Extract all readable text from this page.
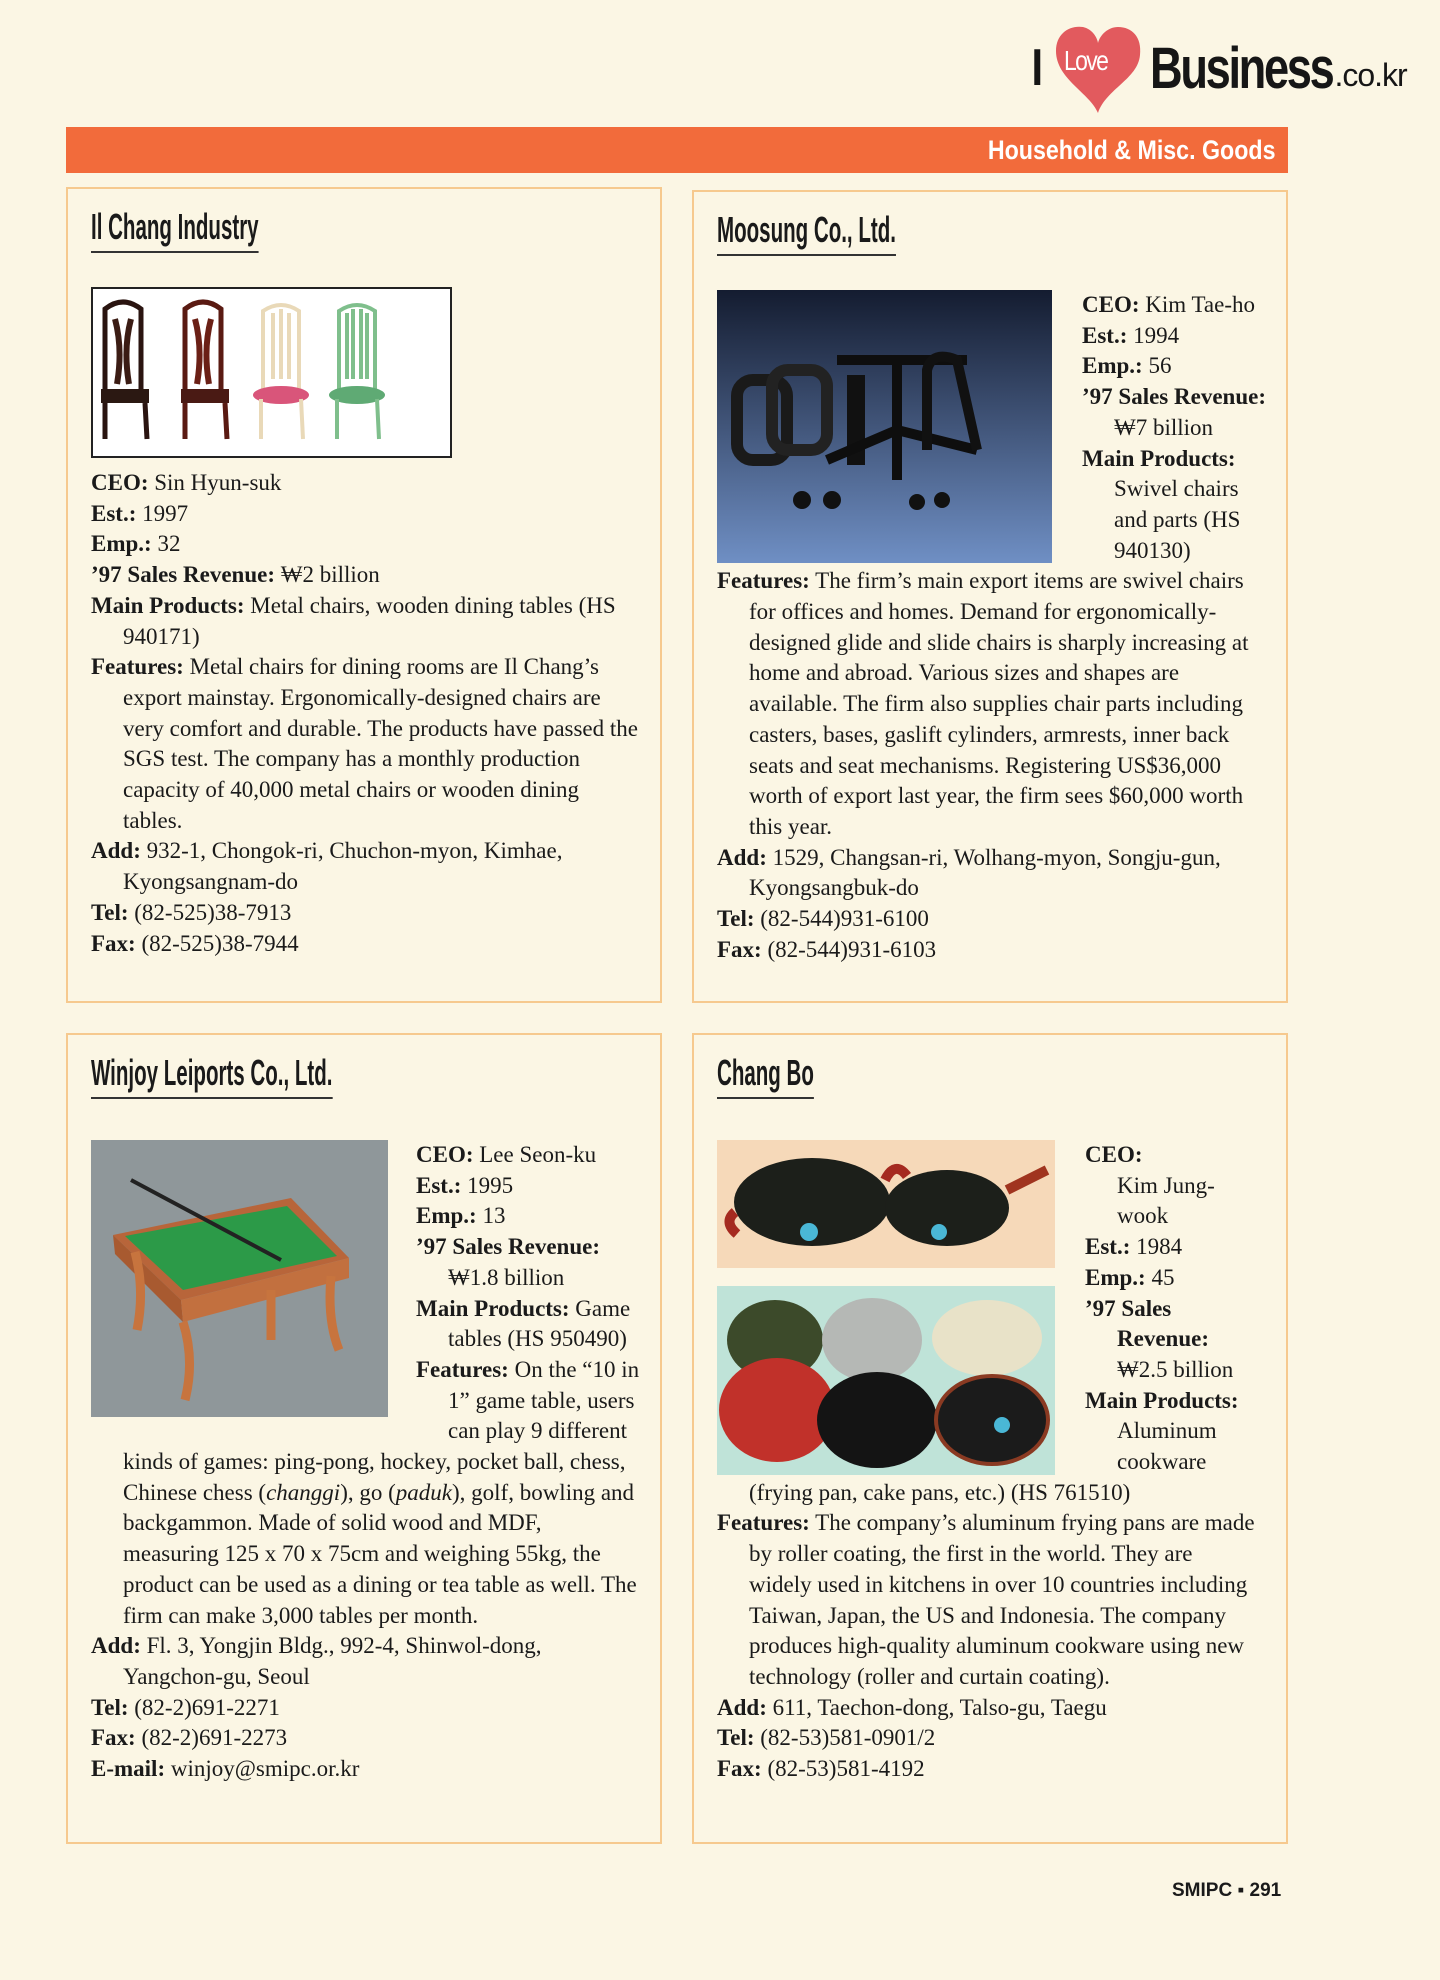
I Love Business .co.kr
Household & Misc. Goods
Il Chang Industry

CEO: Sin Hyun-suk

Est.: 1997

Emp.: 32

’97 Sales Revenue: ₩2 billion

Main Products: Metal chairs, wooden dining tables (HS 940171)

Features: Metal chairs for dining rooms are Il Chang’s export mainstay. Ergonomically-designed chairs are very comfort and durable. The products have passed the SGS test. The company has a monthly production capacity of 40,000 metal chairs or wooden dining tables.

Add: 932-1, Chongok-ri, Chuchon-myon, Kimhae, Kyongsangnam-do

Tel: (82-525)38-7913

Fax: (82-525)38-7944

Moosung Co., Ltd.

CEO: Kim Tae-ho

Est.: 1994

Emp.: 56

’97 Sales Revenue: ₩7 billion

Main Products: Swivel chairs and parts (HS 940130)

Features: The firm’s main export items are swivel chairs for offices and homes. Demand for ergonomically-designed glide and slide chairs is sharply increasing at home and abroad. Various sizes and shapes are available. The firm also supplies chair parts including casters, bases, gaslift cylinders, armrests, inner back seats and seat mechanisms. Registering US$36,000 worth of export last year, the firm sees $60,000 worth this year.

Add: 1529, Changsan-ri, Wolhang-myon, Songju-gun, Kyongsangbuk-do

Tel: (82-544)931-6100

Fax: (82-544)931-6103

Winjoy Leiports Co., Ltd.

CEO: Lee Seon-ku

Est.: 1995

Emp.: 13

’97 Sales Revenue: ₩1.8 billion

Main Products: Game tables (HS 950490)

Features: On the “10 in 1” game table, users can play 9 different kinds of games: ping-pong, hockey, pocket ball, chess, Chinese chess (changgi), go (paduk), golf, bowling and backgammon. Made of solid wood and MDF, measuring 125 x 70 x 75cm and weighing 55kg, the product can be used as a dining or tea table as well. The firm can make 3,000 tables per month.

Add: Fl. 3, Yongjin Bldg., 992-4, Shinwol-dong, Yangchon-gu, Seoul

Tel: (82-2)691-2271

Fax: (82-2)691-2273

E-mail: winjoy@smipc.or.kr

Chang Bo

CEO:
Kim Jung-wook

Est.: 1984

Emp.: 45

’97 Sales Revenue:
₩2.5 billion

Main Products:
Aluminum cookware (frying pan, cake pans, etc.) (HS 761510)

Features: The company’s aluminum frying pans are made by roller coating, the first in the world. They are widely used in kitchens in over 10 countries including Taiwan, Japan, the US and Indonesia. The company produces high-quality aluminum cookware using new technology (roller and curtain coating).

Add: 611, Taechon-dong, Talso-gu, Taegu

Tel: (82-53)581-0901/2

Fax: (82-53)581-4192

SMIPC ▪ 291
